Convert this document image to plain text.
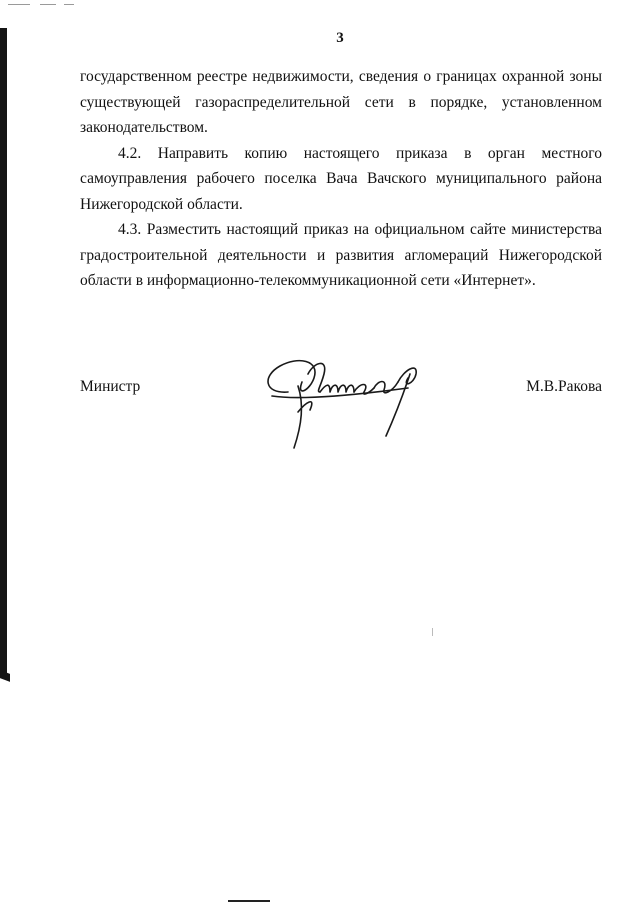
3

государственном реестре недвижимости, сведения о границах охранной зоны существующей газораспределительной сети в порядке, установленном законодательством.

4.2. Направить копию настоящего приказа в орган местного самоуправления рабочего поселка Вача Вачского муниципального района Нижегородской области.

4.3. Разместить настоящий приказ на официальном сайте министерства градостроительной деятельности и развития агломераций Нижегородской области в информационно-телекоммуникационной сети «Интернет».

Министр	М.В.Ракова
